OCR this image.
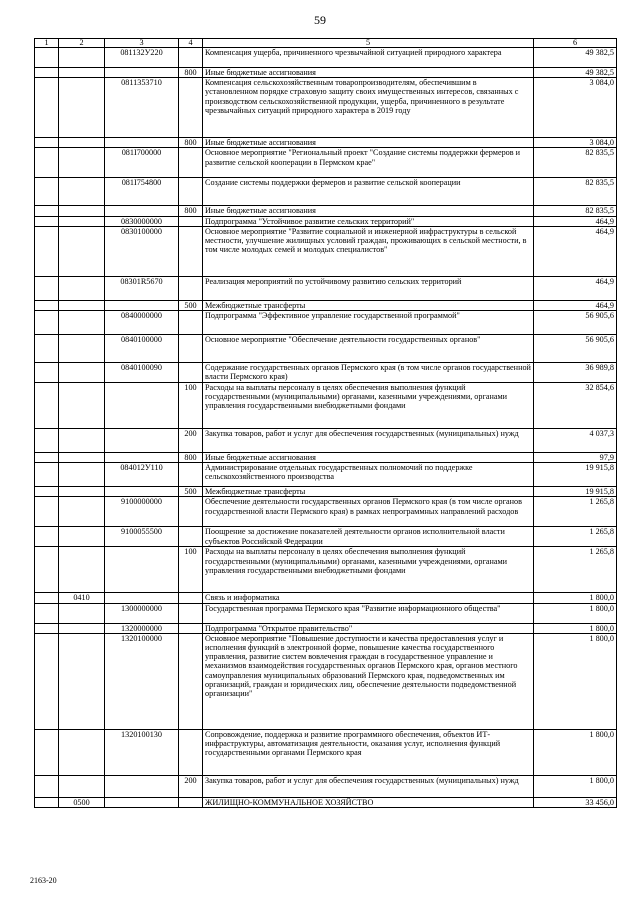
59
1	2	3	4	5	6
		081132У220		Компенсация ущерба, причиненного чрезвычайной ситуацией природного характера	49 382,5
			800	Иные бюджетные ассигнования	49 382,5
		0811353710		Компенсация сельскохозяйственным товаропроизводителям, обеспечившим в установленном порядке страховую защиту своих имущественных интересов, связанных с производством сельскохозяйственной продукции, ущерба, причиненного в результате чрезвычайных ситуаций природного характера в 2019 году	3 084,0
			800	Иные бюджетные ассигнования	3 084,0
		081I700000		Основное мероприятие "Региональный проект "Создание системы поддержки фермеров и развитие сельской кооперации в Пермском крае"	82 835,5
		081I754800		Создание системы поддержки фермеров и развитие сельской кооперации	82 835,5
			800	Иные бюджетные ассигнования	82 835,5
		0830000000		Подпрограмма "Устойчивое развитие сельских территорий"	464,9
		0830100000		Основное мероприятие "Развитие социальной и инженерной инфраструктуры в сельской местности, улучшение жилищных условий граждан, проживающих в сельской местности, в том числе молодых семей и молодых специалистов"	464,9
		08301R5670		Реализация мероприятий по устойчивому развитию сельских территорий	464,9
			500	Межбюджетные трансферты	464,9
		0840000000		Подпрограмма "Эффективное управление государственной программой"	56 905,6
		0840100000		Основное мероприятие "Обеспечение деятельности государственных органов"	56 905,6
		0840100090		Содержание государственных органов Пермского края (в том числе органов государственной власти Пермского края)	36 989,8
			100	Расходы на выплаты персоналу в целях обеспечения выполнения функций государственными (муниципальными) органами, казенными учреждениями, органами управления государственными внебюджетными фондами	32 854,6
			200	Закупка товаров, работ и услуг для обеспечения государственных (муниципальных) нужд	4 037,3
			800	Иные бюджетные ассигнования	97,9
		084012У110		Администрирование отдельных государственных полномочий по поддержке сельскохозяйственного производства	19 915,8
			500	Межбюджетные трансферты	19 915,8
		9100000000		Обеспечение деятельности государственных органов Пермского края (в том числе органов государственной власти Пермского края) в рамках непрограммных направлений расходов	1 265,8
		9100055500		Поощрение за достижение показателей деятельности органов исполнительной власти субъектов Российской Федерации	1 265,8
			100	Расходы на выплаты персоналу в целях обеспечения выполнения функций государственными (муниципальными) органами, казенными учреждениями, органами управления государственными внебюджетными фондами	1 265,8
	0410			Связь и информатика	1 800,0
		1300000000		Государственная программа Пермского края "Развитие информационного общества"	1 800,0
		1320000000		Подпрограмма "Открытое правительство"	1 800,0
		1320100000		Основное мероприятие "Повышение доступности и качества предоставления услуг и исполнения функций в электронной форме, повышение качества государственного управления, развитие систем вовлечения граждан в государственное управление и механизмов взаимодействия государственных органов Пермского края, органов местного самоуправления муниципальных образований Пермского края, подведомственных им организаций, граждан и юридических лиц, обеспечение деятельности подведомственной организации"	1 800,0
		1320100130		Сопровождение, поддержка и развитие программного обеспечения, объектов ИТ-инфраструктуры, автоматизация деятельности, оказания услуг, исполнения функций государственными органами Пермского края	1 800,0
			200	Закупка товаров, работ и услуг для обеспечения государственных (муниципальных) нужд	1 800,0
	0500			ЖИЛИЩНО-КОММУНАЛЬНОЕ ХОЗЯЙСТВО	33 456,0
2163-20
